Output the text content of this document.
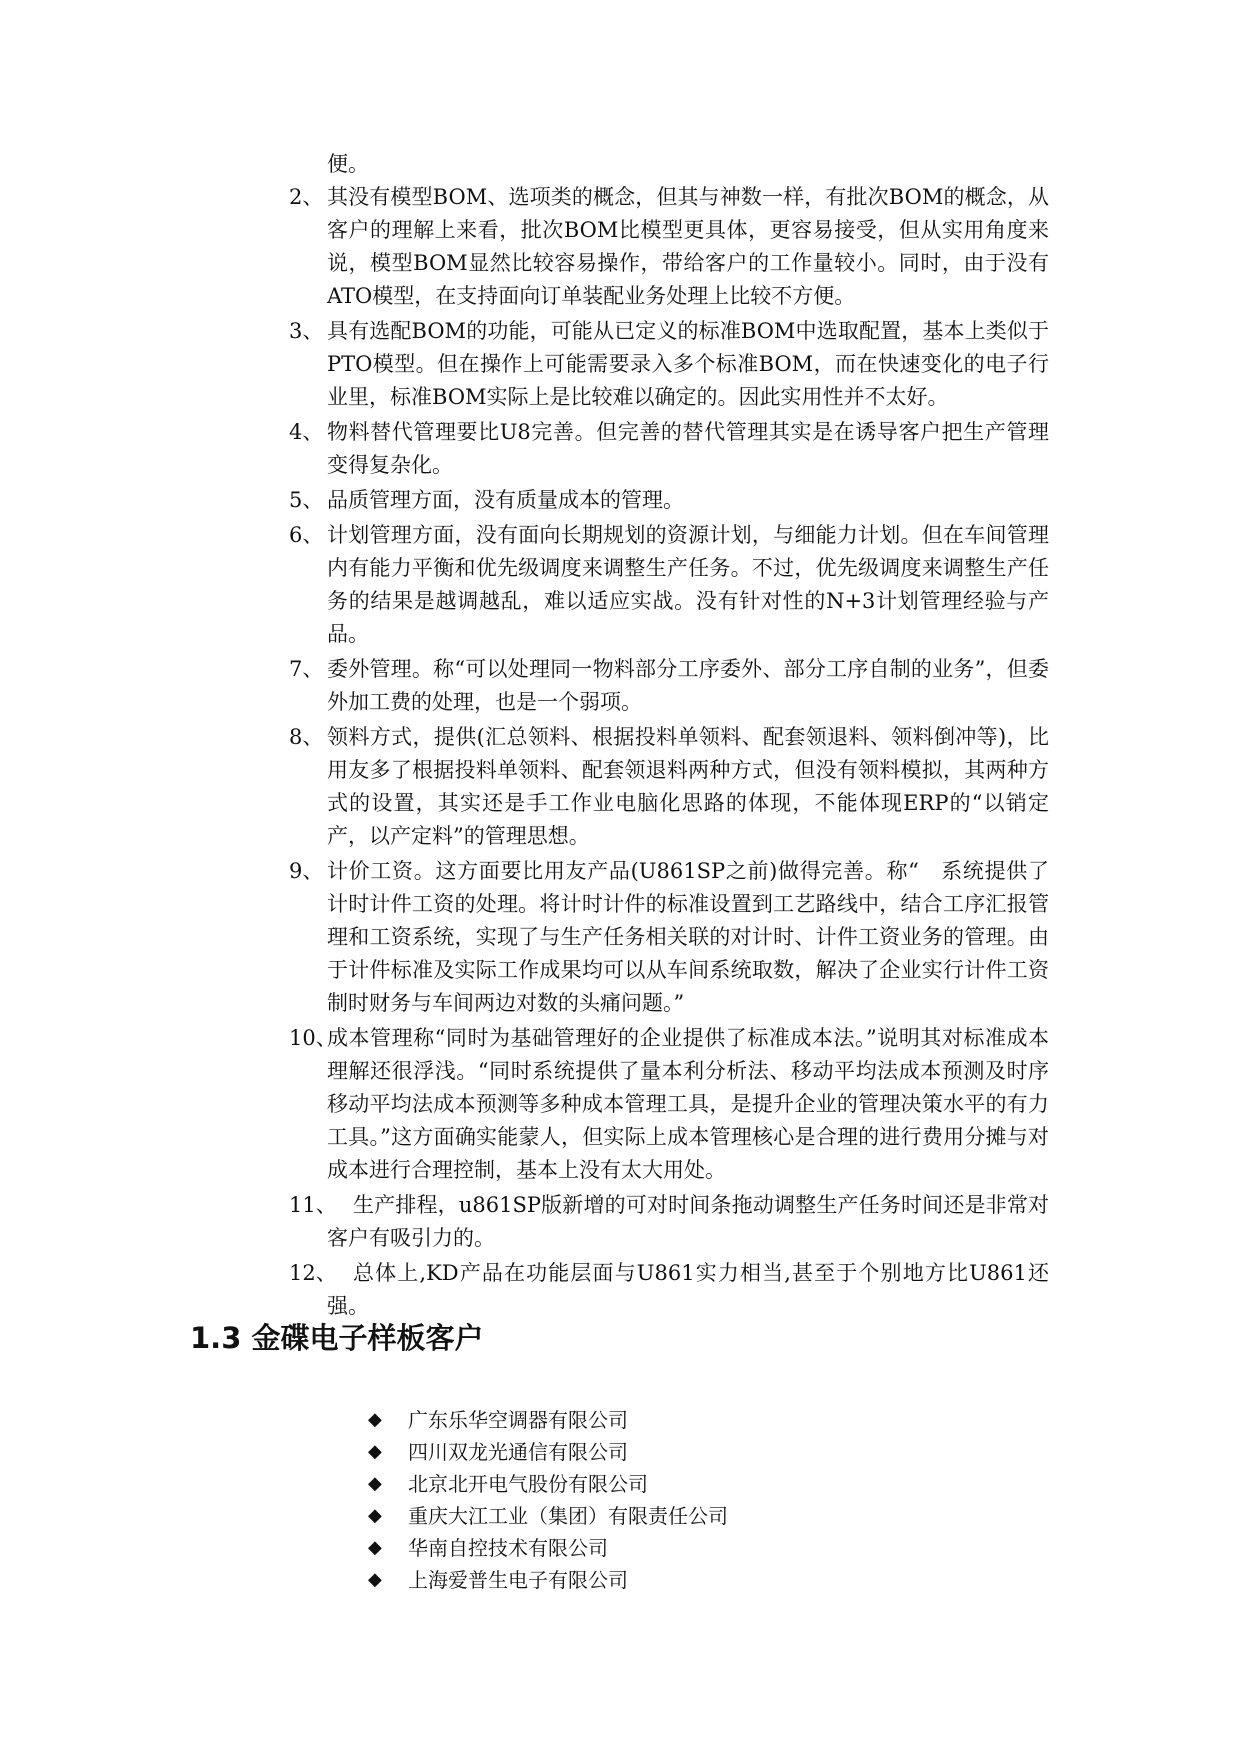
便。

2、 其没有模型BOM、选项类的概念，但其与神数一样，有批次BOM的概念，从客户的理解上来看，批次BOM比模型更具体，更容易接受，但从实用角度来说，模型BOM显然比较容易操作，带给客户的工作量较小。同时，由于没有ATO模型，在支持面向订单装配业务处理上比较不方便。
3、 具有选配BOM的功能，可能从已定义的标准BOM中选取配置，基本上类似于PTO模型。但在操作上可能需要录入多个标准BOM，而在快速变化的电子行业里，标准BOM实际上是比较难以确定的。因此实用性并不太好。
4、 物料替代管理要比U8完善。但完善的替代管理其实是在诱导客户把生产管理变得复杂化。
5、 品质管理方面，没有质量成本的管理。
6、 计划管理方面，没有面向长期规划的资源计划，与细能力计划。但在车间管理内有能力平衡和优先级调度来调整生产任务。不过，优先级调度来调整生产任务的结果是越调越乱，难以适应实战。没有针对性的N+3计划管理经验与产品。
7、 委外管理。称“可以处理同一物料部分工序委外、部分工序自制的业务”，但委外加工费的处理，也是一个弱项。
8、 领料方式，提供(汇总领料、根据投料单领料、配套领退料、领料倒冲等)，比用友多了根据投料单领料、配套领退料两种方式，但没有领料模拟，其两种方式的设置，其实还是手工作业电脑化思路的体现，不能体现ERP的“以销定产，以产定料”的管理思想。
9、 计价工资。这方面要比用友产品(U861SP之前)做得完善。称“　系统提供了计时计件工资的处理。将计时计件的标准设置到工艺路线中，结合工序汇报管理和工资系统，实现了与生产任务相关联的对计时、计件工资业务的管理。由于计件标准及实际工作成果均可以从车间系统取数，解决了企业实行计件工资制时财务与车间两边对数的头痛问题。”
10、
成本管理称“同时为基础管理好的企业提供了标准成本法。”说明其对标准成本理解还很浮浅。“同时系统提供了量本利分析法、移动平均法成本预测及时序移动平均法成本预测等多种成本管理工具，是提升企业的管理决策水平的有力工具。”这方面确实能蒙人，但实际上成本管理核心是合理的进行费用分摊与对成本进行合理控制，基本上没有太大用处。
11、 生产排程，u861SP版新增的可对时间条拖动调整生产任务时间还是非常对客户有吸引力的。
12、 总体上,KD产品在功能层面与U861实力相当,甚至于个别地方比U861还强。
1.3 金碟电子样板客户
◆ 广东乐华空调器有限公司
◆ 四川双龙光通信有限公司
◆ 北京北开电气股份有限公司
◆ 重庆大江工业（集团）有限责任公司
◆ 华南自控技术有限公司
◆ 上海爱普生电子有限公司
